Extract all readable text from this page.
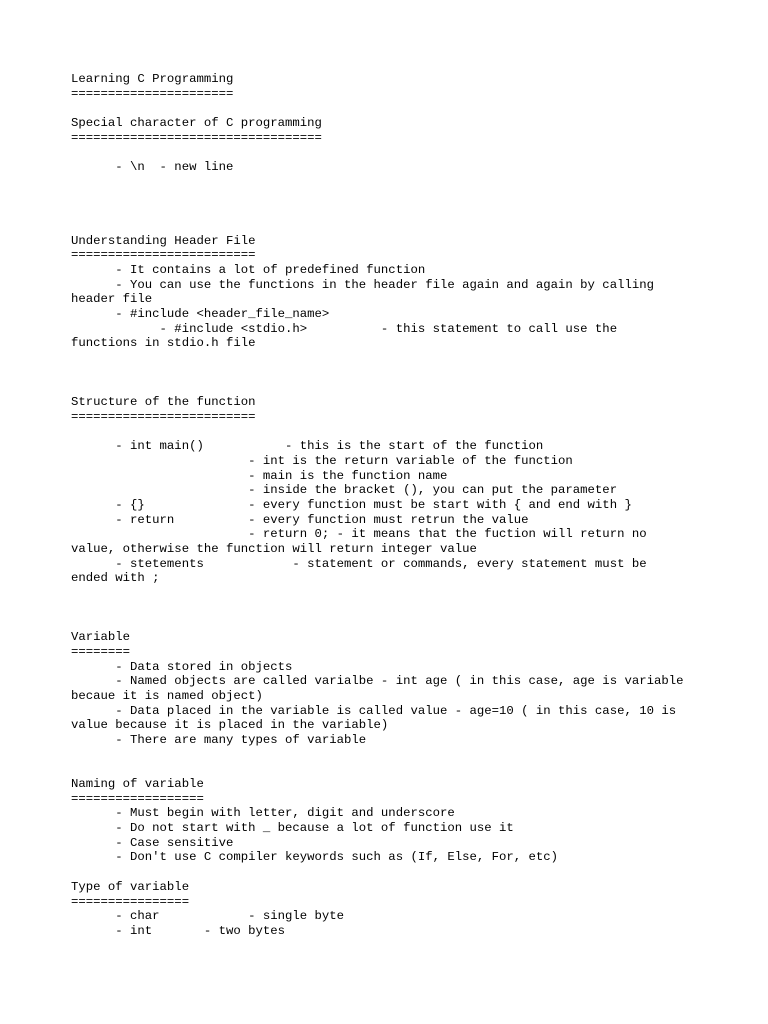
Learning C Programming
======================
Special character of C programming
==================================
- \n  - new line
Understanding Header File
=========================
- It contains a lot of predefined function
- You can use the functions in the header file again and again by calling
header file
- #include <header_file_name>
- #include <stdio.h>          - this statement to call use the
functions in stdio.h file
Structure of the function
=========================
- int main()           - this is the start of the function
- int is the return variable of the function
- main is the function name
- inside the bracket (), you can put the parameter
- {}              - every function must be start with { and end with }
- return          - every function must retrun the value
- return 0; - it means that the fuction will return no
value, otherwise the function will return integer value
- stetements            - statement or commands, every statement must be
ended with ;
Variable
========
- Data stored in objects
- Named objects are called varialbe - int age ( in this case, age is variable
becaue it is named object)
- Data placed in the variable is called value - age=10 ( in this case, 10 is
value because it is placed in the variable)
- There are many types of variable
Naming of variable
==================
- Must begin with letter, digit and underscore
- Do not start with _ because a lot of function use it
- Case sensitive
- Don't use C compiler keywords such as (If, Else, For, etc)
Type of variable
================
- char            - single byte
- int       - two bytes
